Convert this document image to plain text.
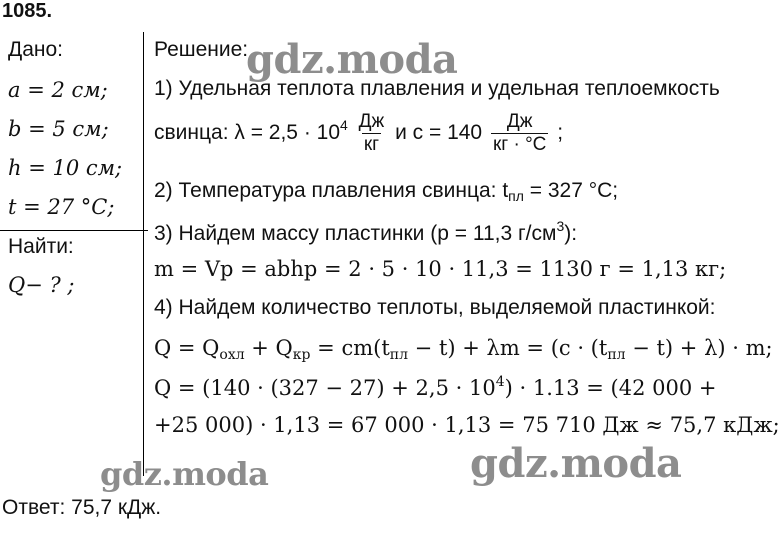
1085.
Дано:
a = 2 см;
b = 5 см;
h = 10 см;
t = 27 °C;
Найти:
Q− ? ;
Решение:
1) Удельная теплота плавления и удельная теплоемкость
свинца: $\lambda = 2,5 \cdot 10^4 \frac{Дж}{кг}$ и $c = 140 \frac{Дж}{кг \cdot ^\circ C}$ ;
2) Температура плавления свинца: $t_{пл} = 327$ °C;
3) Найдем массу пластинки (p = 11,3 $г/см^3$):
m = Vp = abhp = 2 · 5 · 10 · 11,3 = 1130 г = 1,13 кг;
4) Найдем количество теплоты, выделяемой пластинкой:
$Q = Q_{охл} + Q_{кр} = cm(t_{пл} - t) + \lambda m = (c \cdot (t_{пл} - t) + \lambda) \cdot m$;
$Q = (140 \cdot (327 - 27) + 2,5 \cdot 10^4) \cdot 1.13 = (42$ 000 +
+25 000) · 1,13 = 67 000 · 1,13 = 75 710 Дж ≈ 75,7 кДж;
Ответ: 75,7 кДж.
gdz.moda
gdz.moda	gdz.moda
